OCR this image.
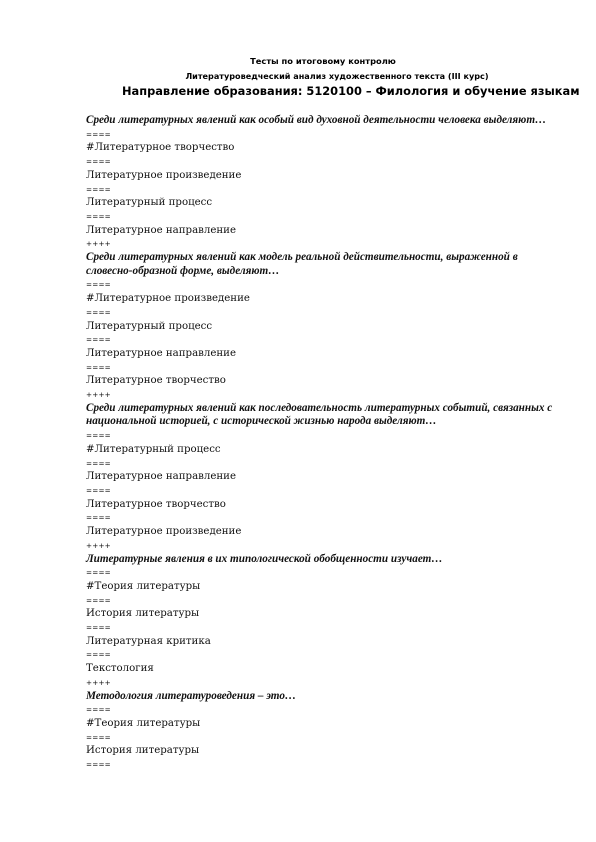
Тесты по итоговому контролю
Литературоведческий анализ художественного текста (III курс)
Направление образования: 5120100 – Филология и обучение языкам
Среди литературных явлений как особый вид духовной деятельности человека выделяют…
====
#Литературное творчество
====
Литературное произведение
====
Литературный процесс
====
Литературное направление
++++
Среди литературных явлений как модель реальной действительности, выраженной в словесно-образной форме, выделяют…
====
#Литературное произведение
====
Литературный процесс
====
Литературное направление
====
Литературное творчество
++++
Среди литературных явлений как последовательность литературных событий, связанных с национальной историей, с исторической жизнью народа выделяют…
====
#Литературный процесс
====
Литературное направление
====
Литературное творчество
====
Литературное произведение
++++
Литературные явления в их типологической обобщенности изучает…
====
#Теория литературы
====
История литературы
====
Литературная критика
====
Текстология
++++
Методология литературоведения – это…
====
#Теория литературы
====
История литературы
====
